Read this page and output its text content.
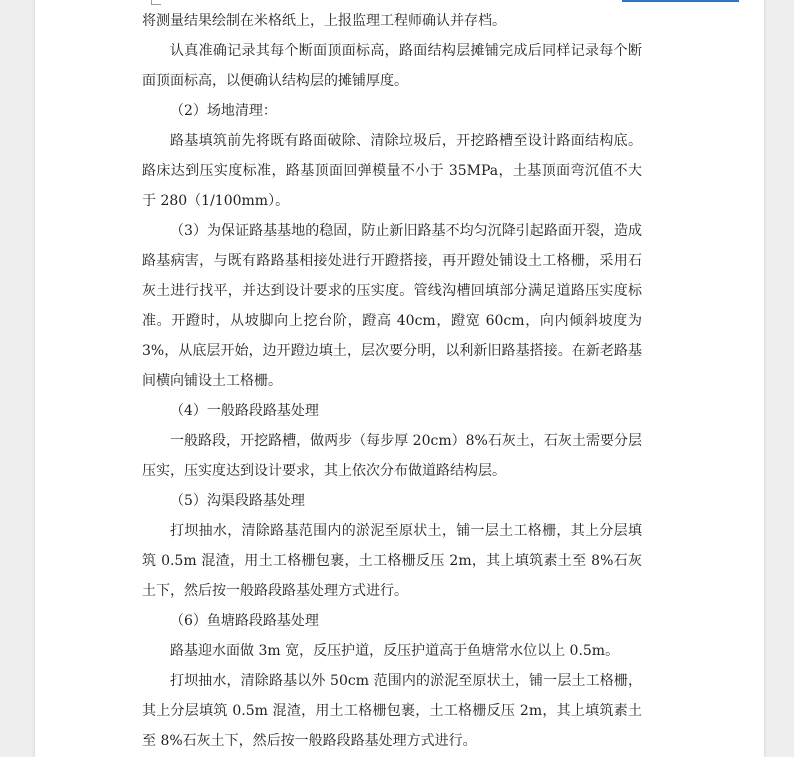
将测量结果绘制在米格纸上，上报监理工程师确认并存档。

认真准确记录其每个断面顶面标高，路面结构层摊铺完成后同样记录每个断面顶面标高，以便确认结构层的摊铺厚度。

（2）场地清理：

路基填筑前先将既有路面破除、清除垃圾后，开挖路槽至设计路面结构底。路床达到压实度标准，路基顶面回弹模量不小于 35MPa，土基顶面弯沉值不大于 280（1/100mm）。

（3）为保证路基基地的稳固，防止新旧路基不均匀沉降引起路面开裂，造成路基病害，与既有路路基相接处进行开蹬搭接，再开蹬处铺设土工格栅，采用石灰土进行找平，并达到设计要求的压实度。管线沟槽回填部分满足道路压实度标准。开蹬时，从坡脚向上挖台阶，蹬高 40cm，蹬宽 60cm，向内倾斜坡度为 3%，从底层开始，边开蹬边填土，层次要分明，以利新旧路基搭接。在新老路基间横向铺设土工格栅。

（4）一般路段路基处理

一般路段，开挖路槽，做两步（每步厚 20cm）8%石灰土，石灰土需要分层压实，压实度达到设计要求，其上依次分布做道路结构层。

（5）沟渠段路基处理

打坝抽水，清除路基范围内的淤泥至原状土，铺一层土工格栅，其上分层填筑 0.5m 混渣，用土工格栅包裹，土工格栅反压 2m，其上填筑素土至 8%石灰土下，然后按一般路段路基处理方式进行。

（6）鱼塘路段路基处理

路基迎水面做 3m 宽，反压护道，反压护道高于鱼塘常水位以上 0.5m。

打坝抽水，清除路基以外 50cm 范围内的淤泥至原状土，铺一层土工格栅，其上分层填筑 0.5m 混渣，用土工格栅包裹，土工格栅反压 2m，其上填筑素土至 8%石灰土下，然后按一般路段路基处理方式进行。
